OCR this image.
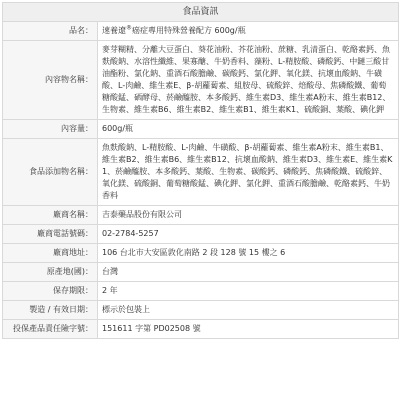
食品資訊	
品名：	速養遼®癌症專用特殊營養配方 600g/瓶
內容物名稱：	麥芽糊精、分離大豆蛋白、葵花油粉、芥花油粉、蔗糖、乳清蛋白、乾酪素鈣、魚麩酸鈉、水溶性纖維、果寡醣、牛奶香料、藻粉、L-精胺酸、磷酸鈣、中鏈三酸甘油酯粉、氯化鈉、重酒石酸膽鹼、碳酸鈣、氯化鉀、氧化鎂、抗壞血酸鈉、牛磺酸、L-肉鹼、維生素E、β-胡蘿蔔素、組胺母、硫酸鋅、焙酸母、焦磷酸鐵、葡萄糖酸錳、硒酵母、菸鹼醯胺、本多酸鈣、維生素D3、維生素A粉末、維生素B12、生物素、維生素B6、維生素B2、維生素B1、維生素K1、硫酸銅、葉酸、碘化鉀
內容量：	600g/瓶
食品添加物名稱：	魚麩酸鈉、L-精胺酸、L-肉鹼、牛磺酸、β-胡蘿蔔素、維生素A粉末、維生素B1、維生素B2、維生素B6、維生素B12、抗壞血酸鈉、維生素D3、維生素E、維生素K1、菸鹼醯胺、本多酸鈣、葉酸、生物素、碳酸鈣、磷酸鈣、焦磷酸鐵、硫酸鋅、氧化鎂、硫酸銅、葡萄糖酸錳、碘化鉀、氯化鉀、重酒石酸膽鹼、乾酪素鈣、牛奶香料
廠商名稱：	吉泰藥品股份有限公司
廠商電話號碼：	02-2784-5257
廠商地址：	106 台北市大安區敦化南路 2 段 128 號 15 樓之 6
原產地(國)：	台灣
保存期限：	2 年
製造 / 有效日期：	標示於包裝上
投保產品責任險字號：	151611 字第 PD02508 號
